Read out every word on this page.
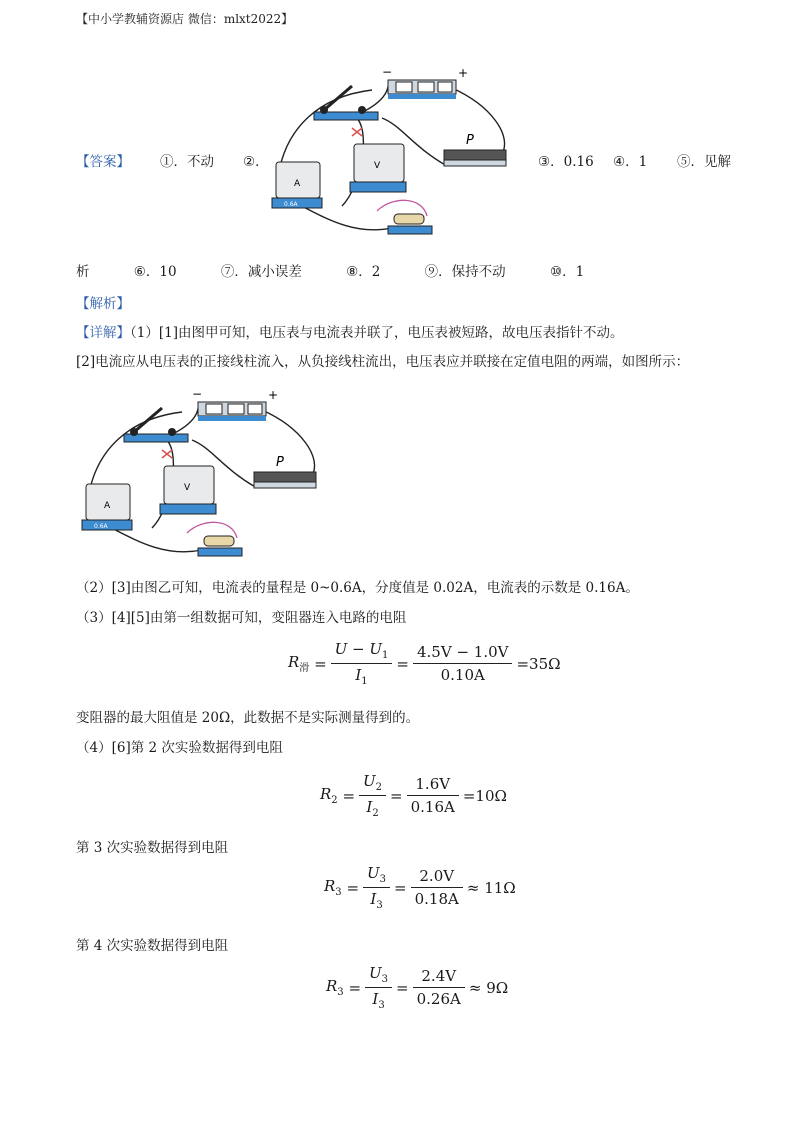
【中小学教辅资源店 微信：mlxt2022】
【答案】 ①．不动 ②．	③．0.16 ④．1 ⑤．见解
−	+
A
0.6A
V
P
析	⑥．10	⑦．减小误差	⑧．2	⑨．保持不动	⑩．1
【解析】
【详解】（1）[1]由图甲可知，电压表与电流表并联了，电压表被短路，故电压表指针不动。
[2]电流应从电压表的正接线柱流入，从负接线柱流出，电压表应并联接在定值电阻的两端，如图所示：
−	+
A
0.6A
V
P
（2）[3]由图乙可知，电流表的量程是 0~0.6A，分度值是 0.02A，电流表的示数是 0.16A。
（3）[4][5]由第一组数据可知，变阻器连入电路的电阻
$R_滑 = \frac{U - U_1}{I_1} = \frac{4.5V - 1.0V}{0.10A} =35\Omega$
变阻器的最大阻值是 20Ω，此数据不是实际测量得到的。
（4）[6]第 2 次实验数据得到电阻
$R_2 = \frac{U_2}{I_2} = \frac{1.6V}{0.16A} =10\Omega$
第 3 次实验数据得到电阻
$R_3 = \frac{U_3}{I_3} = \frac{2.0V}{0.18A} \approx 11\Omega$
第 4 次实验数据得到电阻
$R_3 = \frac{U_3}{I_3} = \frac{2.4V}{0.26A} \approx 9\Omega$
